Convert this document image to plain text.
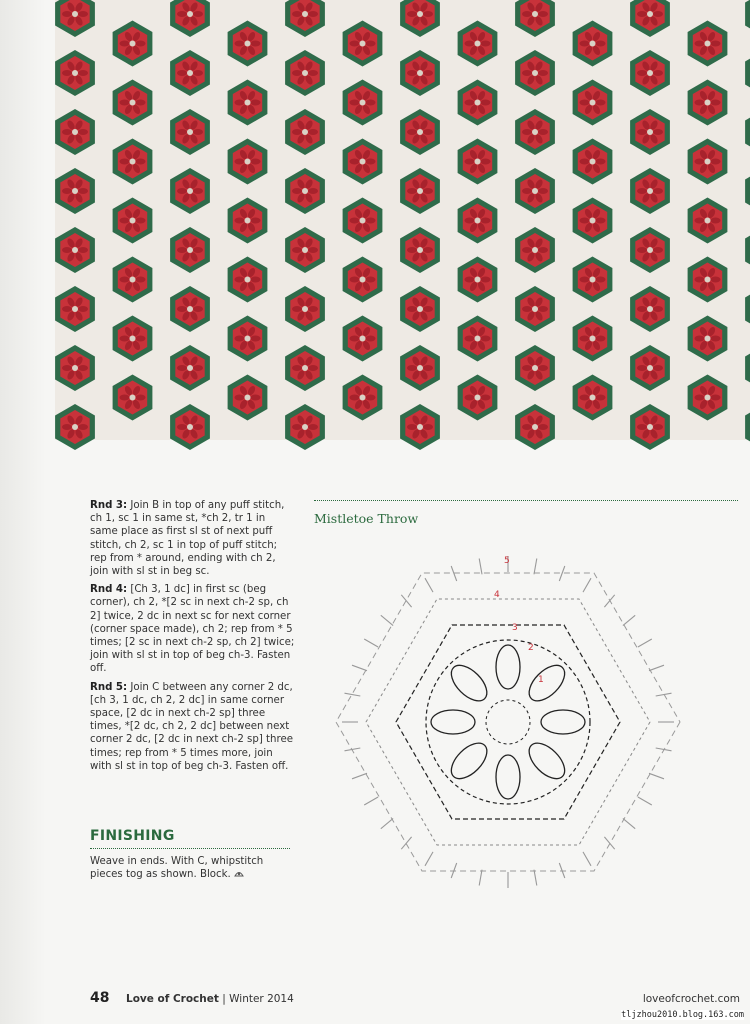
Rnd 3: Join B in top of any puff stitch, ch 1, sc 1 in same st, *ch 2, tr 1 in same place as first sl st of next puff stitch, ch 2, sc 1 in top of puff stitch; rep from * around, ending with ch 2, join with sl st in beg sc.

Rnd 4: [Ch 3, 1 dc] in first sc (beg corner), ch 2, *[2 sc in next ch-2 sp, ch 2] twice, 2 dc in next sc for next corner (corner space made), ch 2; rep from * 5 times; [2 sc in next ch-2 sp, ch 2] twice; join with sl st in top of beg ch-3. Fasten off.

Rnd 5: Join C between any corner 2 dc, [ch 3, 1 dc, ch 2, 2 dc] in same corner space, [2 dc in next ch-2 sp] three times, *[2 dc, ch 2, 2 dc] between next corner 2 dc, [2 dc in next ch-2 sp] three times; rep from * 5 times more, join with sl st in top of beg ch-3. Fasten off.

FINISHING
Weave in ends. With C, whipstitch pieces tog as shown. Block.
Mistletoe Throw
1
2
3
4
5
48 Love of Crochet | Winter 2014	loveofcrochet.com
tljzhou2010.blog.163.com
